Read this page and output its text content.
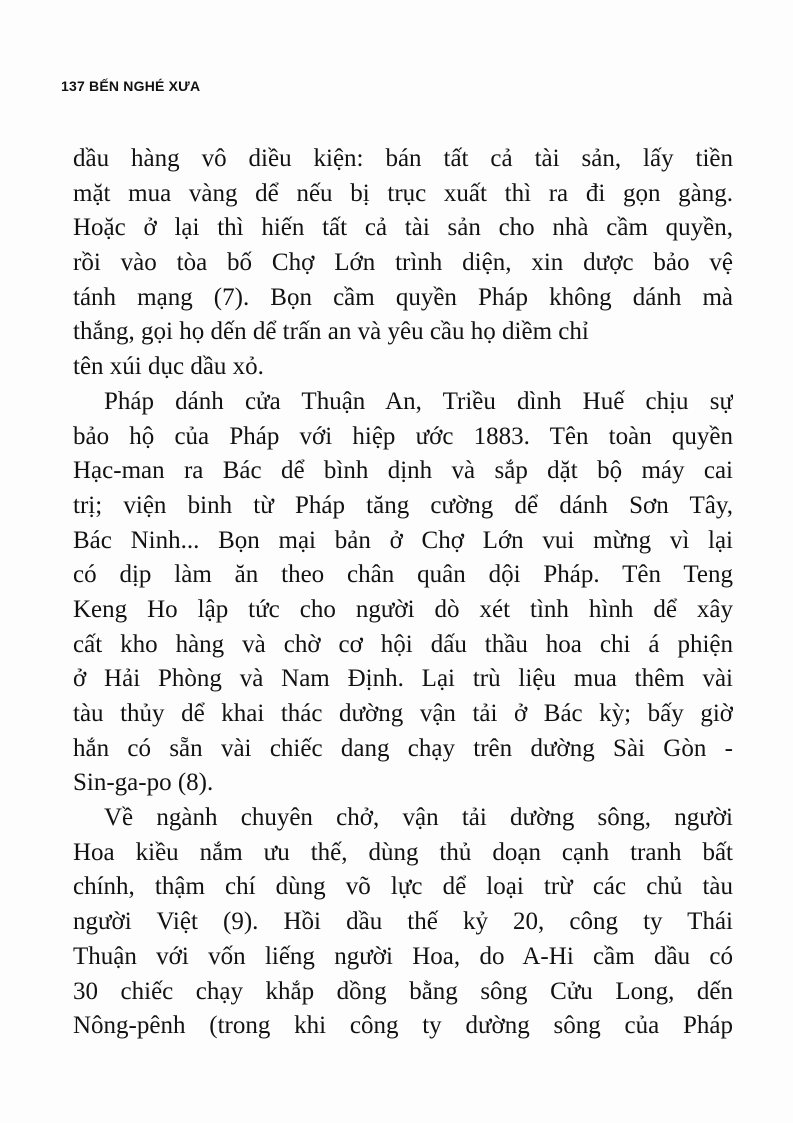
137 BẾN NGHÉ XƯA
dầu hàng vô diều kiện: bán tất cả tài sản, lấy tiền
mặt mua vàng dể nếu bị trục xuất thì ra đi gọn gàng.
Hoặc ở lại thì hiến tất cả tài sản cho nhà cầm quyền,
rồi vào tòa bố Chợ Lớn trình diện, xin dược bảo vệ
tánh mạng (7). Bọn cầm quyền Pháp không dánh mà
thắng, gọi họ dến dể trấn an và yêu cầu họ diềm chỉ
tên xúi dục dầu xỏ.
Pháp dánh cửa Thuận An, Triều dình Huế chịu sự
bảo hộ của Pháp với hiệp ước 1883. Tên toàn quyền
Hạc-man ra Bác dể bình dịnh và sắp dặt bộ máy cai
trị; viện binh từ Pháp tăng cường dể dánh Sơn Tây,
Bác Ninh... Bọn mại bản ở Chợ Lớn vui mừng vì lại
có dịp làm ăn theo chân quân dội Pháp. Tên Teng
Keng Ho lập tức cho người dò xét tình hình dể xây
cất kho hàng và chờ cơ hội dấu thầu hoa chi á phiện
ở Hải Phòng và Nam Định. Lại trù liệu mua thêm vài
tàu thủy dể khai thác dường vận tải ở Bác kỳ; bấy giờ
hắn có sẵn vài chiếc dang chạy trên dường Sài Gòn -
Sin-ga-po (8).
Về ngành chuyên chở, vận tải dường sông, người
Hoa kiều nắm ưu thế, dùng thủ doạn cạnh tranh bất
chính, thậm chí dùng võ lực dể loại trừ các chủ tàu
người Việt (9). Hồi dầu thế kỷ 20, công ty Thái
Thuận với vốn liếng người Hoa, do A-Hi cầm dầu có
30 chiếc chạy khắp dồng bằng sông Cửu Long, dến
Nông-pênh (trong khi công ty dường sông của Pháp
